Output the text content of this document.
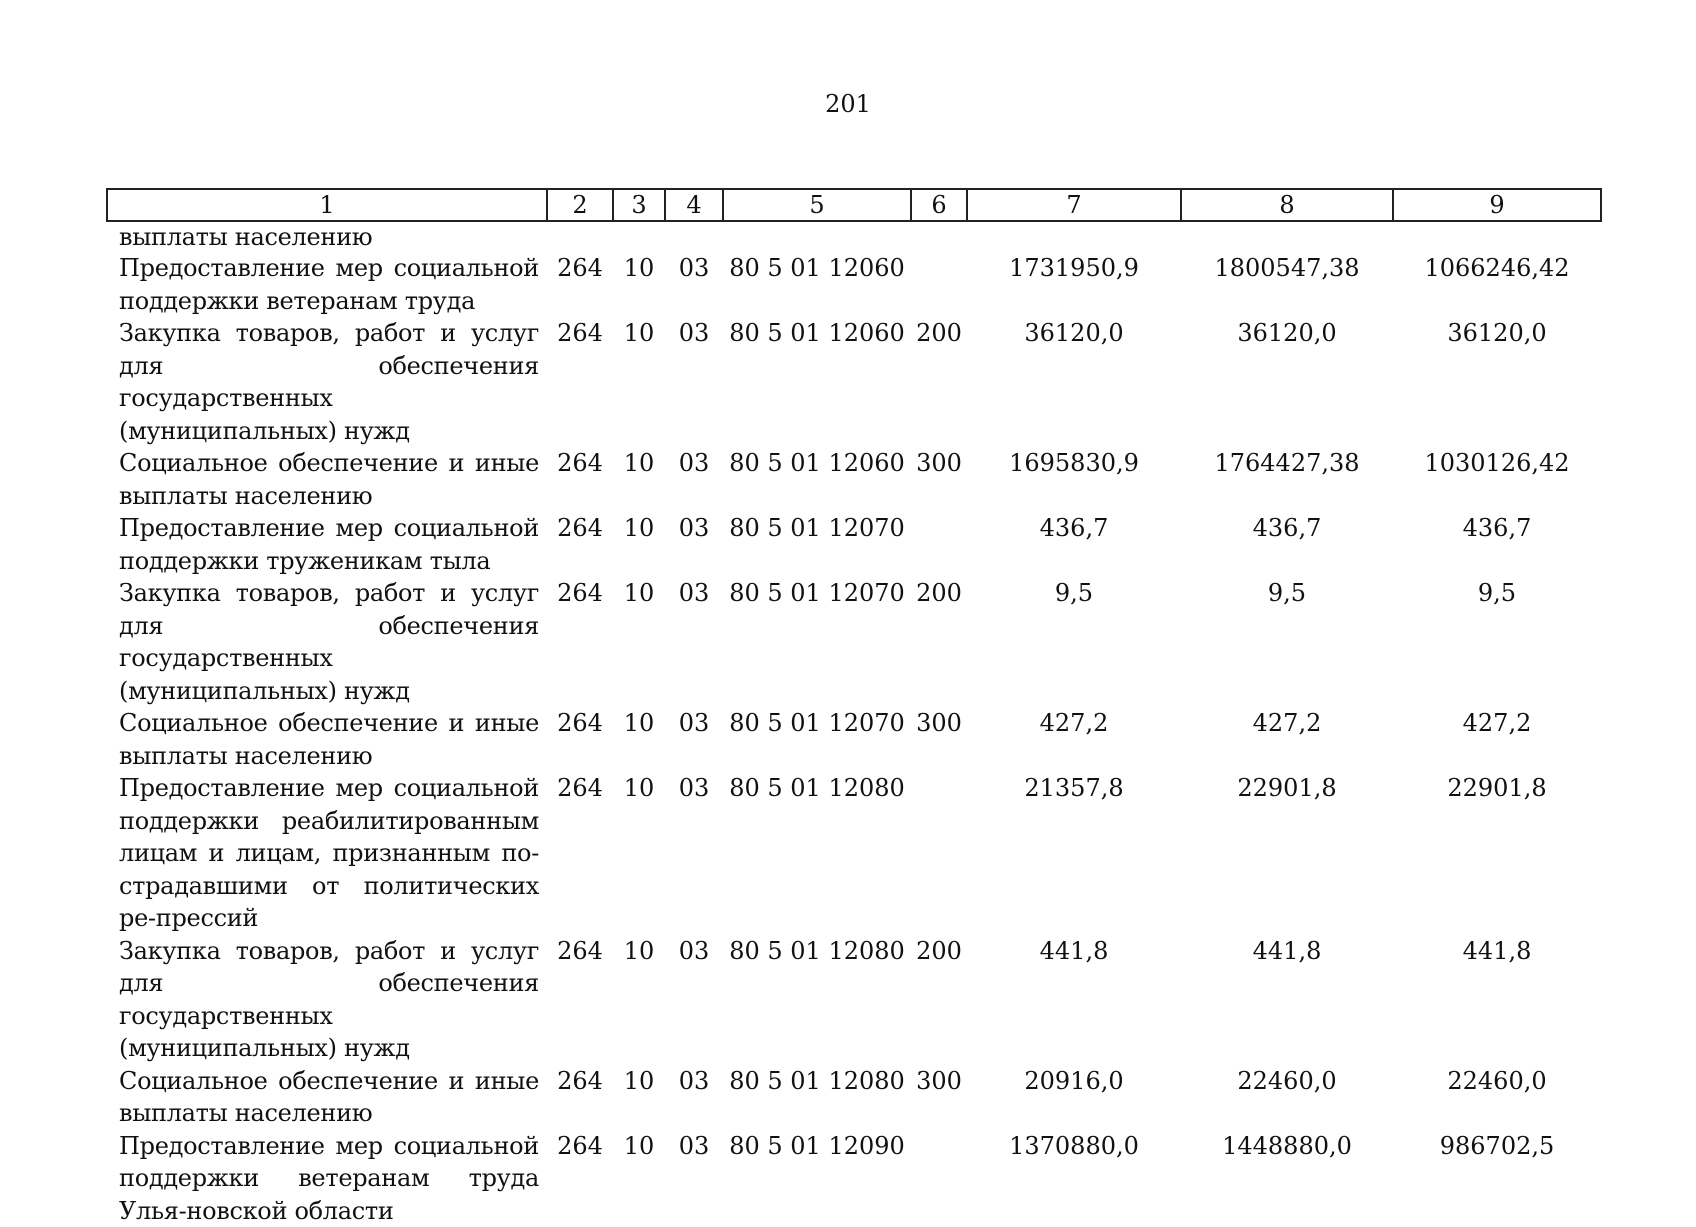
201
1	2	3	4	5	6	7	8	9
выплаты населению								
Предоставление мер социальной поддержки ветеранам труда	264	10	03	80 5 01 12060		1731950,9	1800547,38	1066246,42
Закупка товаров, работ и услуг для обеспечения государственных (муниципальных) нужд	264	10	03	80 5 01 12060	200	36120,0	36120,0	36120,0
Социальное обеспечение и иные выплаты населению	264	10	03	80 5 01 12060	300	1695830,9	1764427,38	1030126,42
Предоставление мер социальной поддержки труженикам тыла	264	10	03	80 5 01 12070		436,7	436,7	436,7
Закупка товаров, работ и услуг для обеспечения государственных (муниципальных) нужд	264	10	03	80 5 01 12070	200	9,5	9,5	9,5
Социальное обеспечение и иные выплаты населению	264	10	03	80 5 01 12070	300	427,2	427,2	427,2
Предоставление мер социальной поддержки реабилитированным лицам и лицам, признанным по-страдавшими от политических ре-прессий	264	10	03	80 5 01 12080		21357,8	22901,8	22901,8
Закупка товаров, работ и услуг для обеспечения государственных (муниципальных) нужд	264	10	03	80 5 01 12080	200	441,8	441,8	441,8
Социальное обеспечение и иные выплаты населению	264	10	03	80 5 01 12080	300	20916,0	22460,0	22460,0
Предоставление мер социальной поддержки ветеранам труда Улья-новской области	264	10	03	80 5 01 12090		1370880,0	1448880,0	986702,5
